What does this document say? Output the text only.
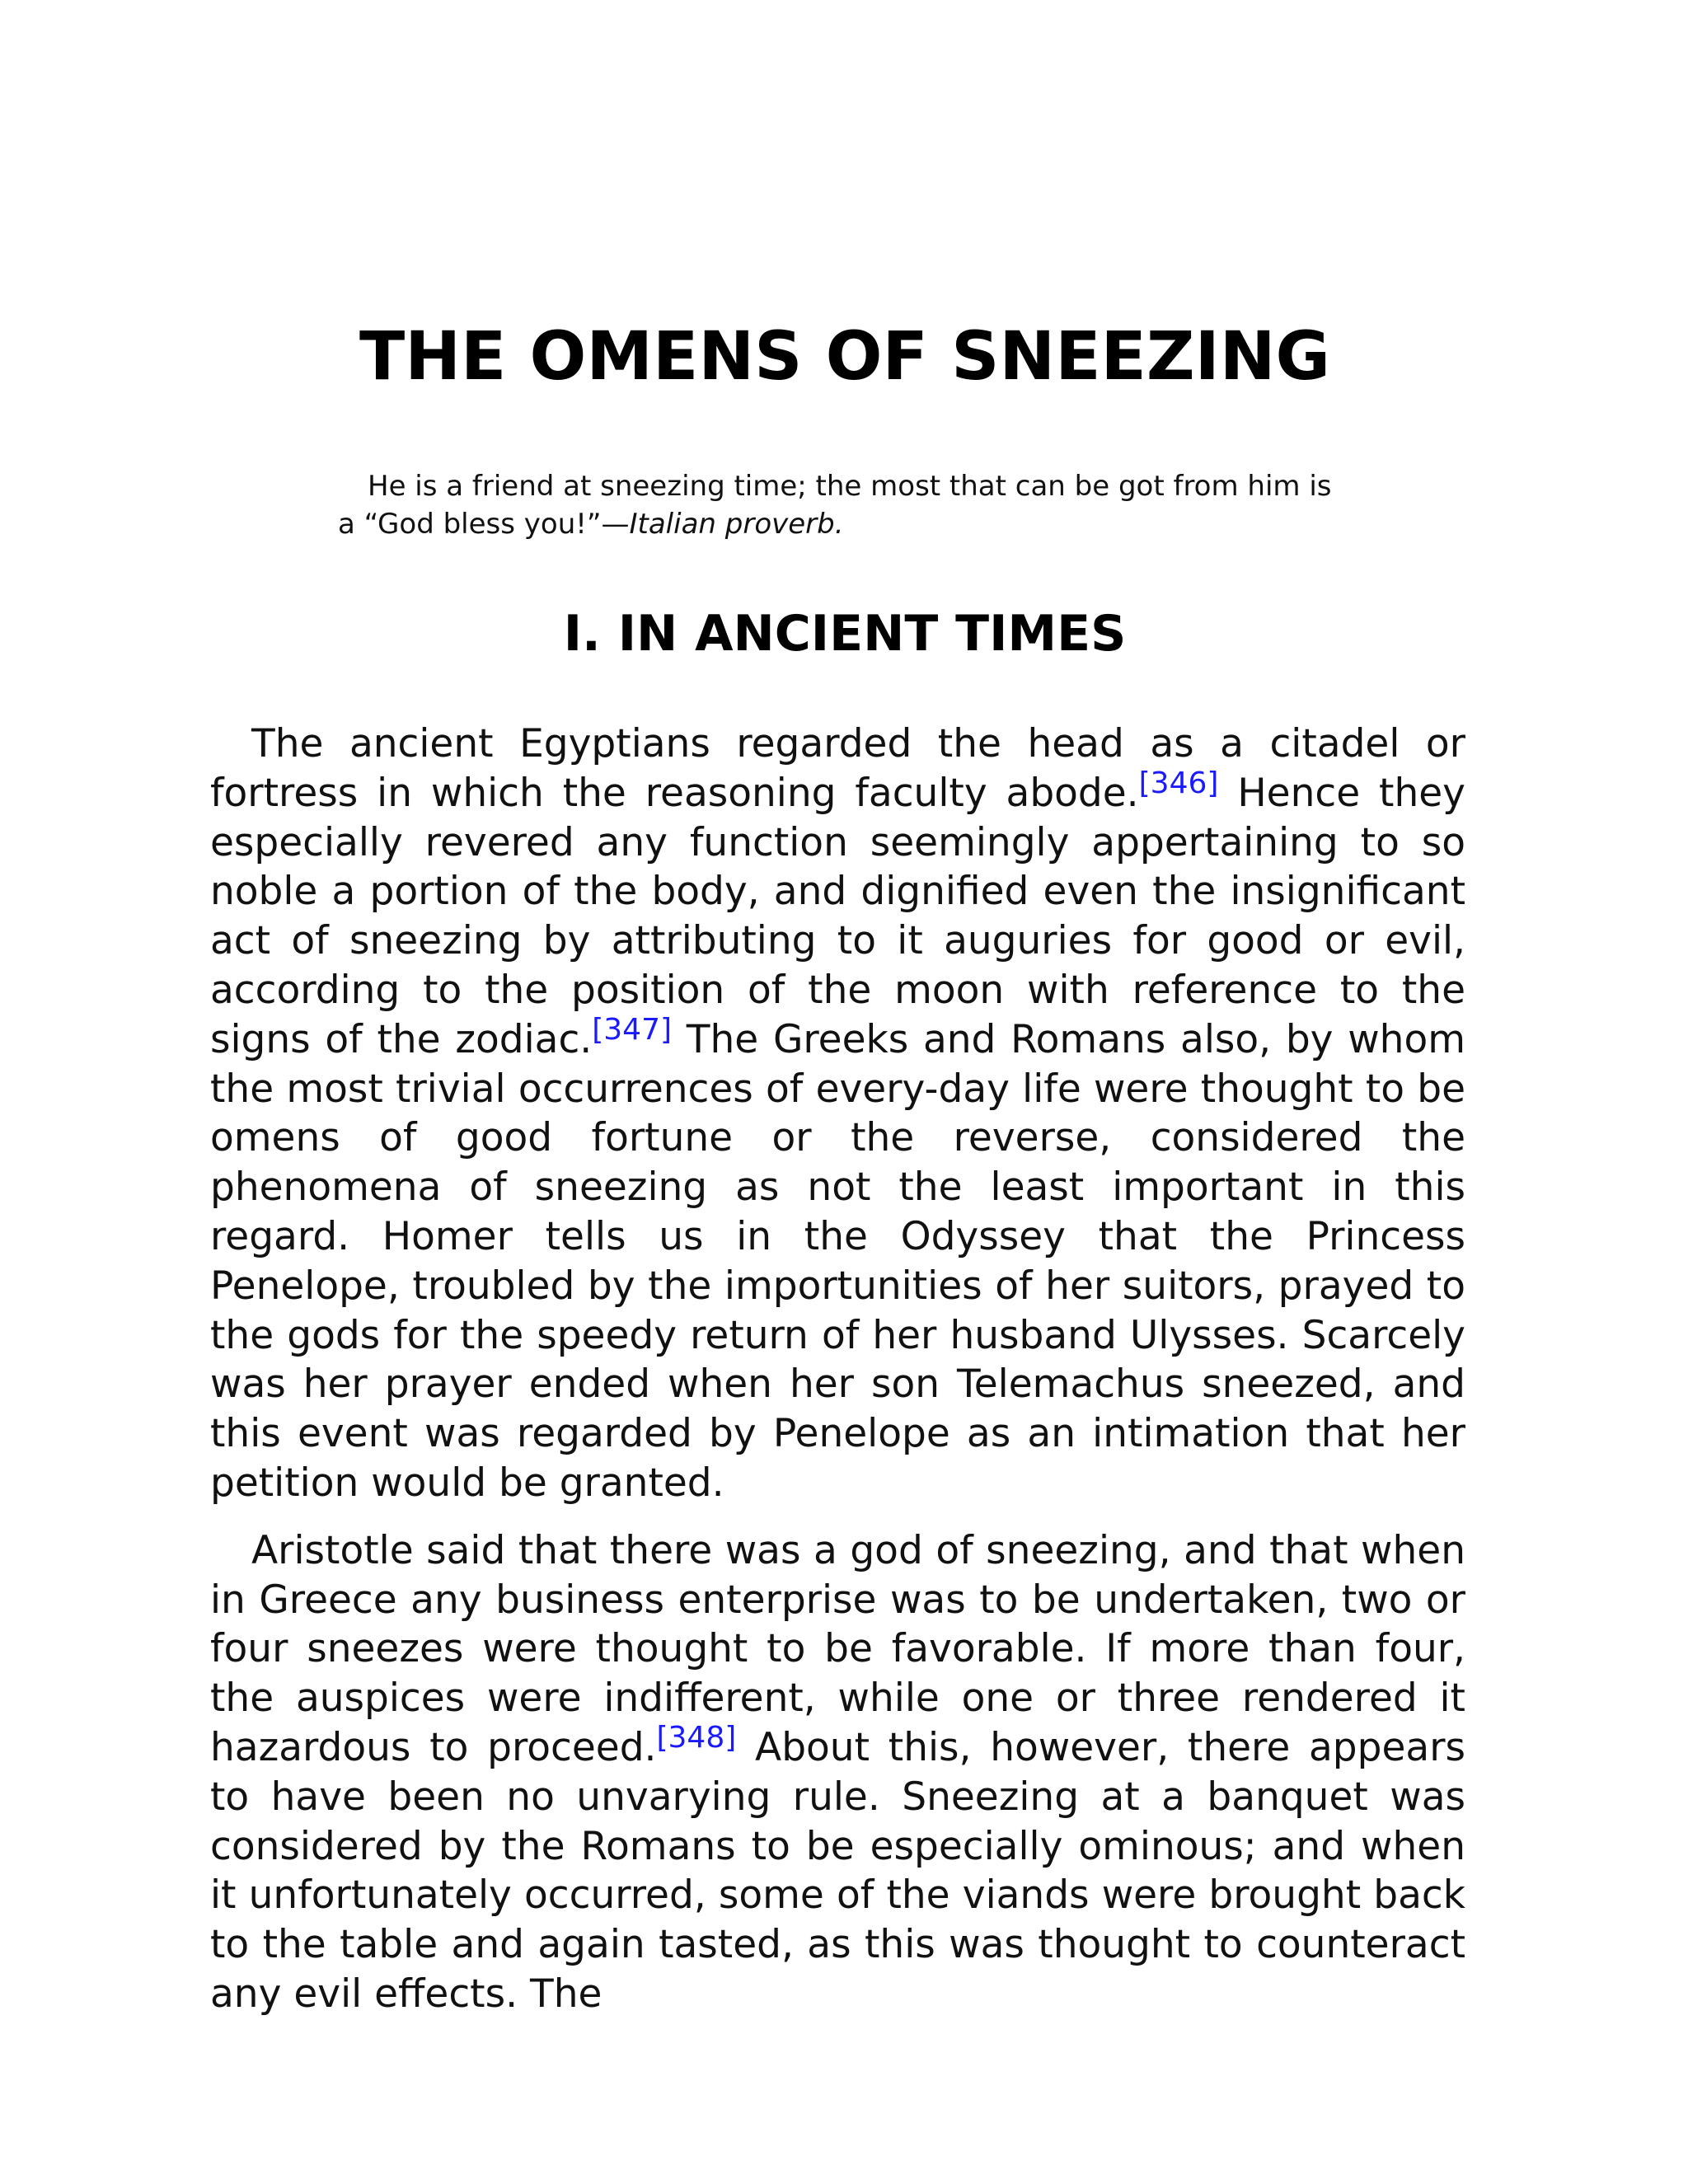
THE OMENS OF SNEEZING

He is a friend at sneezing time; the most that can be got from him is a “God bless you!”—Italian proverb.

I. IN ANCIENT TIMES

The ancient Egyptians regarded the head as a citadel or fortress in which the reasoning faculty abode.[346] Hence they especially revered any function seemingly appertaining to so noble a portion of the body, and dignified even the insignificant act of sneezing by attributing to it auguries for good or evil, according to the position of the moon with reference to the signs of the zodiac.[347] The Greeks and Romans also, by whom the most trivial occurrences of every-day life were thought to be omens of good fortune or the reverse, considered the phenomena of sneezing as not the least important in this regard. Homer tells us in the Odyssey that the Princess Penelope, troubled by the importunities of her suitors, prayed to the gods for the speedy return of her husband Ulysses. Scarcely was her prayer ended when her son Telemachus sneezed, and this event was regarded by Penelope as an intimation that her petition would be granted.

Aristotle said that there was a god of sneezing, and that when in Greece any business enterprise was to be undertaken, two or four sneezes were thought to be favorable. If more than four, the auspices were indifferent, while one or three rendered it hazardous to proceed.[348] About this, however, there appears to have been no unvarying rule. Sneezing at a banquet was considered by the Romans to be especially ominous; and when it unfortunately occurred, some of the viands were brought back to the table and again tasted, as this was thought to counteract any evil effects. The
